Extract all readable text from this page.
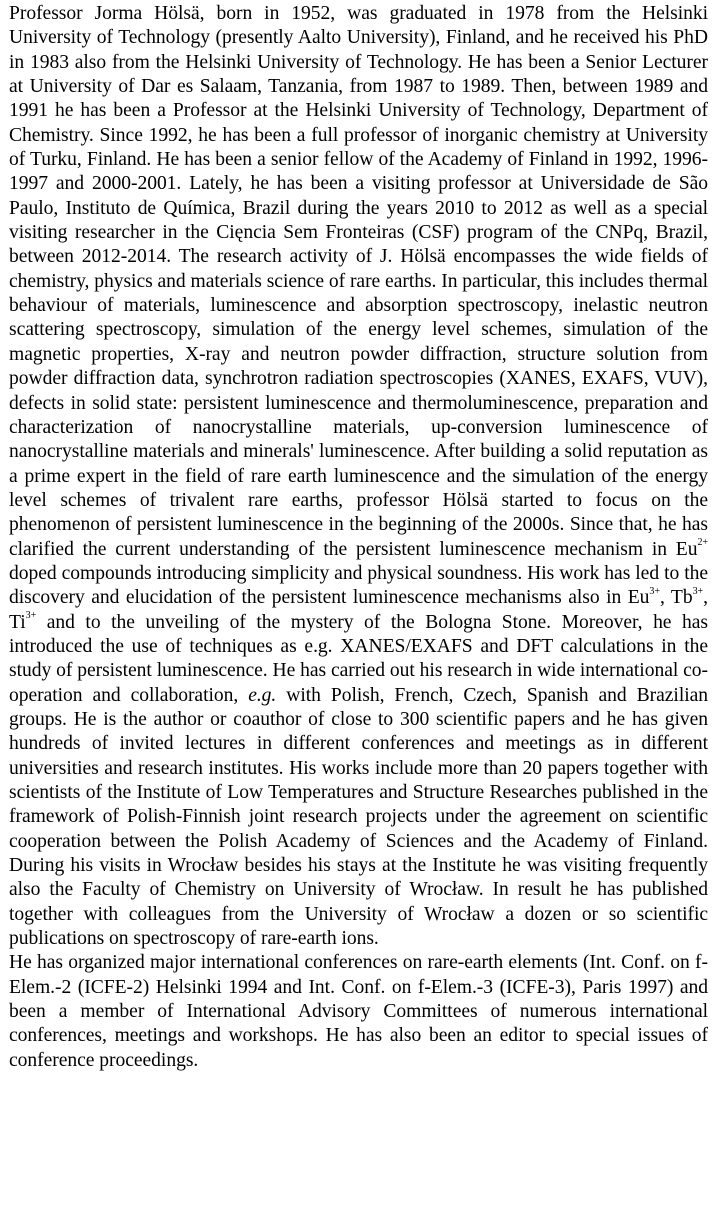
Professor Jorma Hölsä, born in 1952, was graduated in 1978 from the Helsinki University of Technology (presently Aalto University), Finland, and he received his PhD in 1983 also from the Helsinki University of Technology. He has been a Senior Lecturer at University of Dar es Salaam, Tanzania, from 1987 to 1989. Then, between 1989 and 1991 he has been a Professor at the Helsinki University of Technology, Department of Chemistry. Since 1992, he has been a full professor of inorganic chemistry at University of Turku, Finland. He has been a senior fellow of the Academy of Finland in 1992, 1996-1997 and 2000-2001. Lately, he has been a visiting professor at Universidade de São Paulo, Instituto de Química, Brazil during the years 2010 to 2012 as well as a special visiting researcher in the Cięncia Sem Fronteiras (CSF) program of the CNPq, Brazil, between 2012-2014. The research activity of J. Hölsä encompasses the wide fields of chemistry, physics and materials science of rare earths. In particular, this includes thermal behaviour of materials, luminescence and absorption spectroscopy, inelastic neutron scattering spectroscopy, simulation of the energy level schemes, simulation of the magnetic properties, X-ray and neutron powder diffraction, structure solution from powder diffraction data, synchrotron radiation spectroscopies (XANES, EXAFS, VUV), defects in solid state: persistent luminescence and thermoluminescence, preparation and characterization of nanocrystalline materials, up-conversion luminescence of nanocrystalline materials and minerals' luminescence. After building a solid reputation as a prime expert in the field of rare earth luminescence and the simulation of the energy level schemes of trivalent rare earths, professor Hölsä started to focus on the phenomenon of persistent luminescence in the beginning of the 2000s. Since that, he has clarified the current understanding of the persistent luminescence mechanism in $Eu^{2+}$ doped compounds introducing simplicity and physical soundness. His work has led to the discovery and elucidation of the persistent luminescence mechanisms also in $Eu^{3+}$, $Tb^{3+}$, $Ti^{3+}$ and to the unveiling of the mystery of the Bologna Stone. Moreover, he has introduced the use of techniques as e.g. XANES/EXAFS and DFT calculations in the study of persistent luminescence. He has carried out his research in wide international co-operation and collaboration, e.g. with Polish, French, Czech, Spanish and Brazilian groups. He is the author or coauthor of close to 300 scientific papers and he has given hundreds of invited lectures in different conferences and meetings as in different universities and research institutes. His works include more than 20 papers together with scientists of the Institute of Low Temperatures and Structure Researches published in the framework of Polish-Finnish joint research projects under the agreement on scientific cooperation between the Polish Academy of Sciences and the Academy of Finland. During his visits in Wrocław besides his stays at the Institute he was visiting frequently also the Faculty of Chemistry on University of Wrocław. In result he has published together with colleagues from the University of Wrocław a dozen or so scientific publications on spectroscopy of rare-earth ions.

He has organized major international conferences on rare-earth elements (Int. Conf. on f-Elem.-2 (ICFE-2) Helsinki 1994 and Int. Conf. on f-Elem.-3 (ICFE-3), Paris 1997) and been a member of International Advisory Committees of numerous international conferences, meetings and workshops. He has also been an editor to special issues of conference proceedings.
